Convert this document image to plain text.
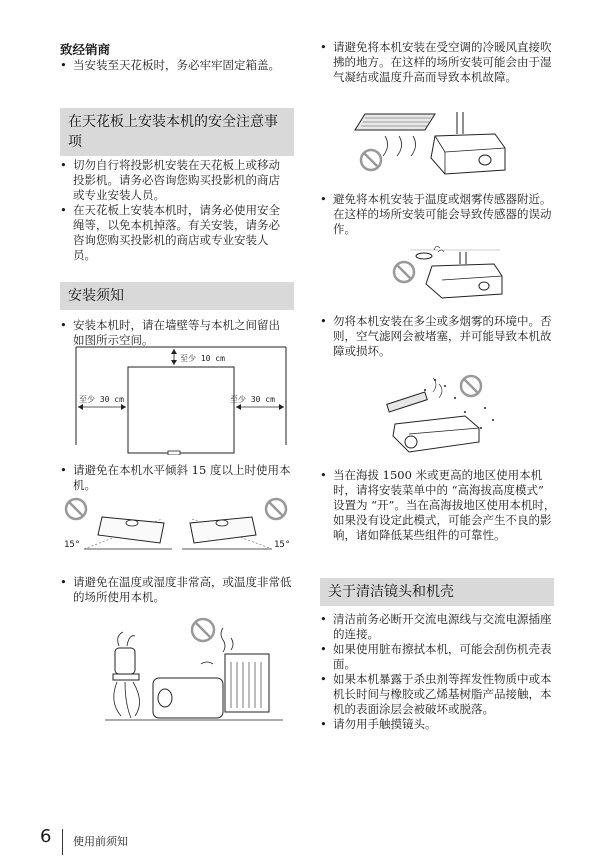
致经销商
• 当安装至天花板时，务必牢牢固定箱盖。
在天花板上安装本机的安全注意事项
• 切勿自行将投影机安装在天花板上或移动投影机。请务必咨询您购买投影机的商店或专业安装人员。
• 在天花板上安装本机时，请务必使用安全绳等，以免本机掉落。有关安装，请务必咨询您购买投影机的商店或专业安装人员。
安装须知
• 安装本机时，请在墙壁等与本机之间留出如图所示空间。
至少 10 cm
至少 30 cm	至少 30 cm
• 请避免在本机水平倾斜 15 度以上时使用本机。
15°	15°
• 请避免在温度或湿度非常高，或温度非常低的场所使用本机。
• 请避免将本机安装在受空调的冷暖风直接吹拂的地方。在这样的场所安装可能会由于湿气凝结或温度升高而导致本机故障。
• 避免将本机安装于温度或烟雾传感器附近。在这样的场所安装可能会导致传感器的误动作。
• 勿将本机安装在多尘或多烟雾的环境中。否则，空气滤网会被堵塞，并可能导致本机故障或损坏。
• 当在海拔 1500 米或更高的地区使用本机时，请将安装菜单中的 “高海拔高度模式” 设置为 “开”。当在高海拔地区使用本机时，如果没有设定此模式，可能会产生不良的影响，诸如降低某些组件的可靠性。
关于清洁镜头和机壳
• 清洁前务必断开交流电源线与交流电源插座的连接。
• 如果使用脏布擦拭本机，可能会刮伤机壳表面。
• 如果本机暴露于杀虫剂等挥发性物质中或本机长时间与橡胶或乙烯基树脂产品接触，本机的表面涂层会被破坏或脱落。
• 请勿用手触摸镜头。
6 使用前须知
